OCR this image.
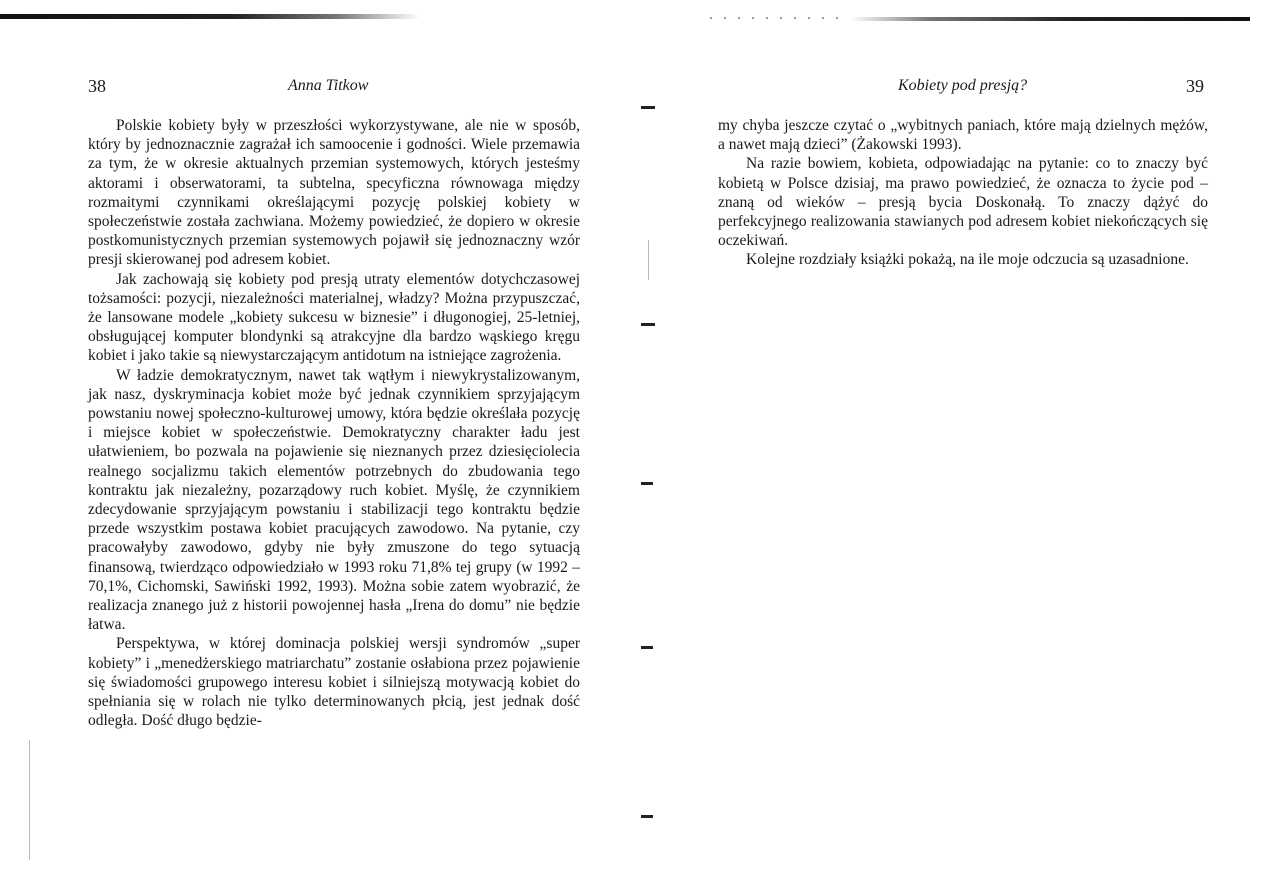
38	Anna Titkow

Polskie kobiety były w przeszłości wykorzystywane, ale nie w sposób, który by jednoznacznie zagrażał ich samoocenie i godności. Wiele przemawia za tym, że w okresie aktualnych przemian systemowych, których jesteśmy aktorami i obserwatorami, ta subtelna, specyficzna równowaga między rozmaitymi czynnikami określającymi pozycję polskiej kobiety w społeczeństwie została zachwiana. Możemy powiedzieć, że dopiero w okresie postkomunistycznych przemian systemowych pojawił się jednoznaczny wzór presji skierowanej pod adresem kobiet.

Jak zachowają się kobiety pod presją utraty elementów dotychczasowej tożsamości: pozycji, niezależności materialnej, władzy? Można przypuszczać, że lansowane modele „kobiety sukcesu w biznesie” i długonogiej, 25-letniej, obsługującej komputer blondynki są atrakcyjne dla bardzo wąskiego kręgu kobiet i jako takie są niewystarczającym antidotum na istniejące zagrożenia.

W ładzie demokratycznym, nawet tak wątłym i niewykrystalizowanym, jak nasz, dyskryminacja kobiet może być jednak czynnikiem sprzyjającym powstaniu nowej społeczno-kulturowej umowy, która będzie określała pozycję i miejsce kobiet w społeczeństwie. Demokratyczny charakter ładu jest ułatwieniem, bo pozwala na pojawienie się nieznanych przez dziesięciolecia realnego socjalizmu takich elementów potrzebnych do zbudowania tego kontraktu jak niezależny, pozarządowy ruch kobiet. Myślę, że czynnikiem zdecydowanie sprzyjającym powstaniu i stabilizacji tego kontraktu będzie przede wszystkim postawa kobiet pracujących zawodowo. Na pytanie, czy pracowałyby zawodowo, gdyby nie były zmuszone do tego sytuacją finansową, twierdząco odpowiedziało w 1993 roku 71,8% tej grupy (w 1992 – 70,1%, Cichomski, Sawiński 1992, 1993). Można sobie zatem wyobrazić, że realizacja znanego już z historii powojennej hasła „Irena do domu” nie będzie łatwa.

Perspektywa, w której dominacja polskiej wersji syndromów „super kobiety” i „menedżerskiego matriarchatu” zostanie osłabiona przez pojawienie się świadomości grupowego interesu kobiet i silniejszą motywacją kobiet do spełniania się w rolach nie tylko determinowanych płcią, jest jednak dość odległa. Dość długo będzie-

Kobiety pod presją?	39

my chyba jeszcze czytać o „wybitnych paniach, które mają dzielnych mężów, a nawet mają dzieci” (Żakowski 1993).

Na razie bowiem, kobieta, odpowiadając na pytanie: co to znaczy być kobietą w Polsce dzisiaj, ma prawo powiedzieć, że oznacza to życie pod – znaną od wieków – presją bycia Doskonałą. To znaczy dążyć do perfekcyjnego realizowania stawianych pod adresem kobiet niekończących się oczekiwań.

Kolejne rozdziały książki pokażą, na ile moje odczucia są uzasadnione.
